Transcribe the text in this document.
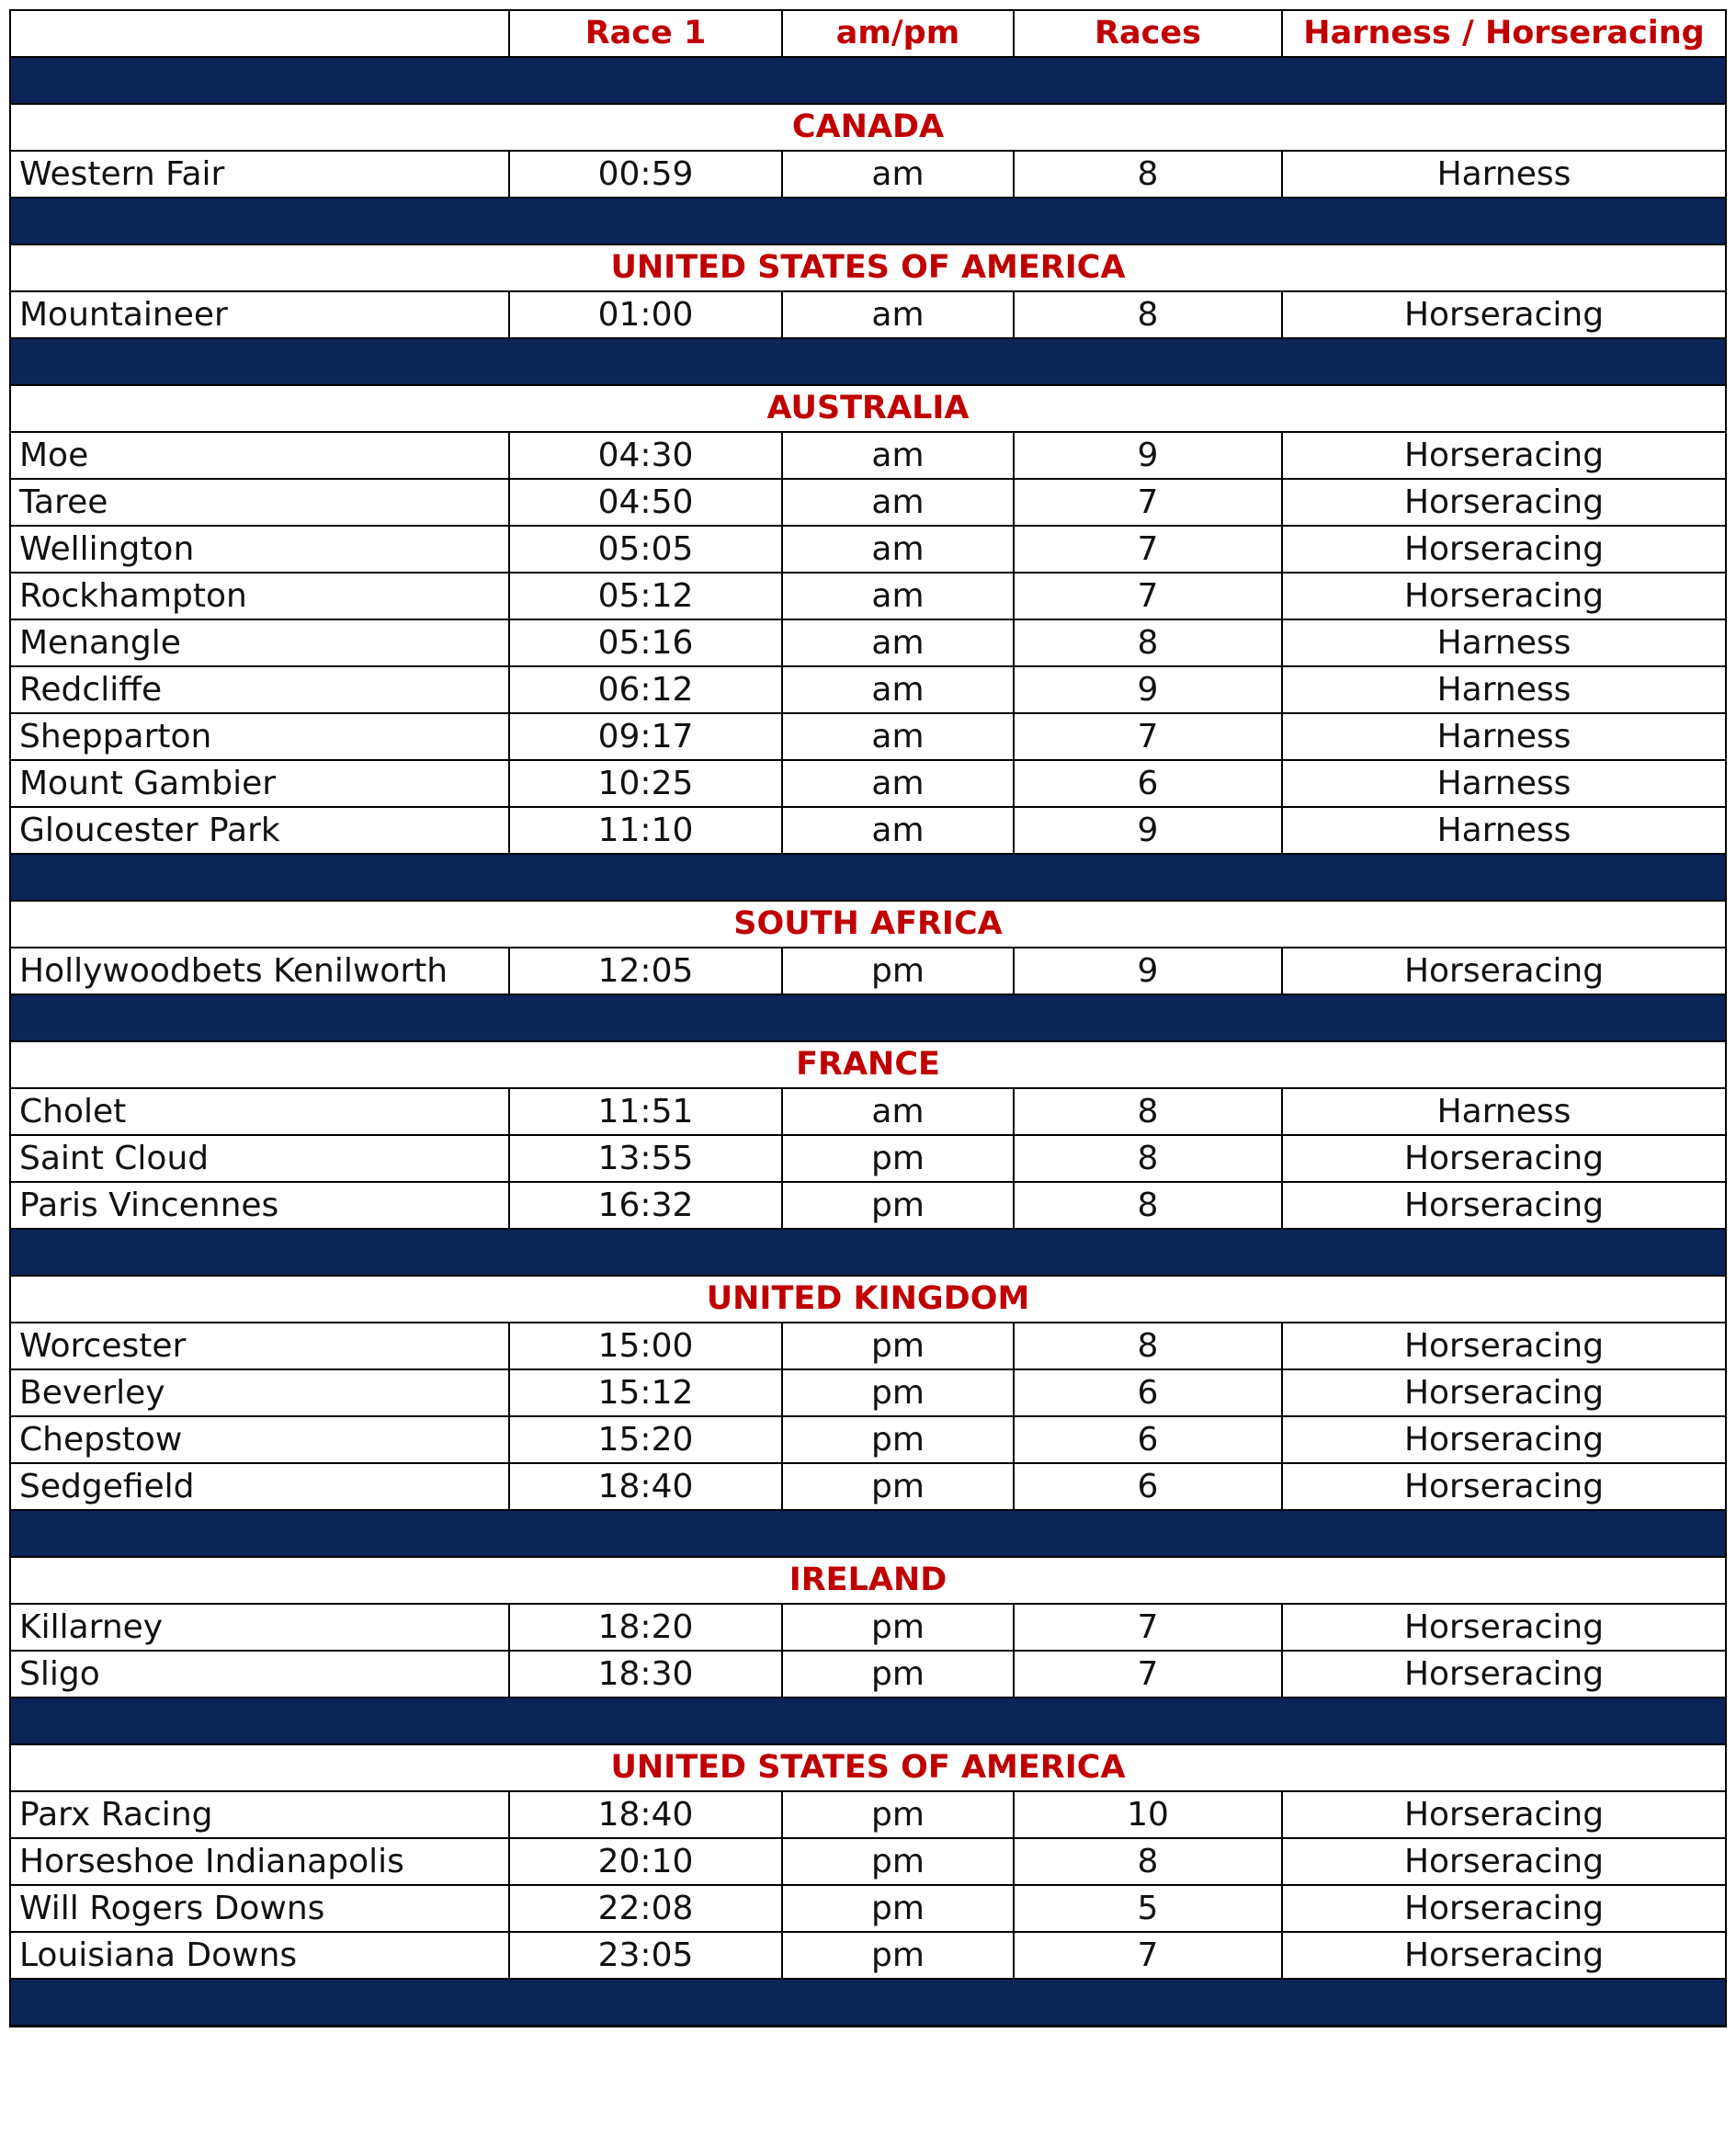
	Race 1	am/pm	Races	Harness / Horseracing

CANADA				
Western Fair	00:59	am	8	Harness

UNITED STATES OF AMERICA				
Mountaineer	01:00	am	8	Horseracing

AUSTRALIA				
Moe	04:30	am	9	Horseracing
Taree	04:50	am	7	Horseracing
Wellington	05:05	am	7	Horseracing
Rockhampton	05:12	am	7	Horseracing
Menangle	05:16	am	8	Harness
Redcliffe	06:12	am	9	Harness
Shepparton	09:17	am	7	Harness
Mount Gambier	10:25	am	6	Harness
Gloucester Park	11:10	am	9	Harness

SOUTH AFRICA				
Hollywoodbets Kenilworth	12:05	pm	9	Horseracing

FRANCE				
Cholet	11:51	am	8	Harness
Saint Cloud	13:55	pm	8	Horseracing
Paris Vincennes	16:32	pm	8	Horseracing

UNITED KINGDOM				
Worcester	15:00	pm	8	Horseracing
Beverley	15:12	pm	6	Horseracing
Chepstow	15:20	pm	6	Horseracing
Sedgefield	18:40	pm	6	Horseracing

IRELAND				
Killarney	18:20	pm	7	Horseracing
Sligo	18:30	pm	7	Horseracing

UNITED STATES OF AMERICA				
Parx Racing	18:40	pm	10	Horseracing
Horseshoe Indianapolis	20:10	pm	8	Horseracing
Will Rogers Downs	22:08	pm	5	Horseracing
Louisiana Downs	23:05	pm	7	Horseracing
